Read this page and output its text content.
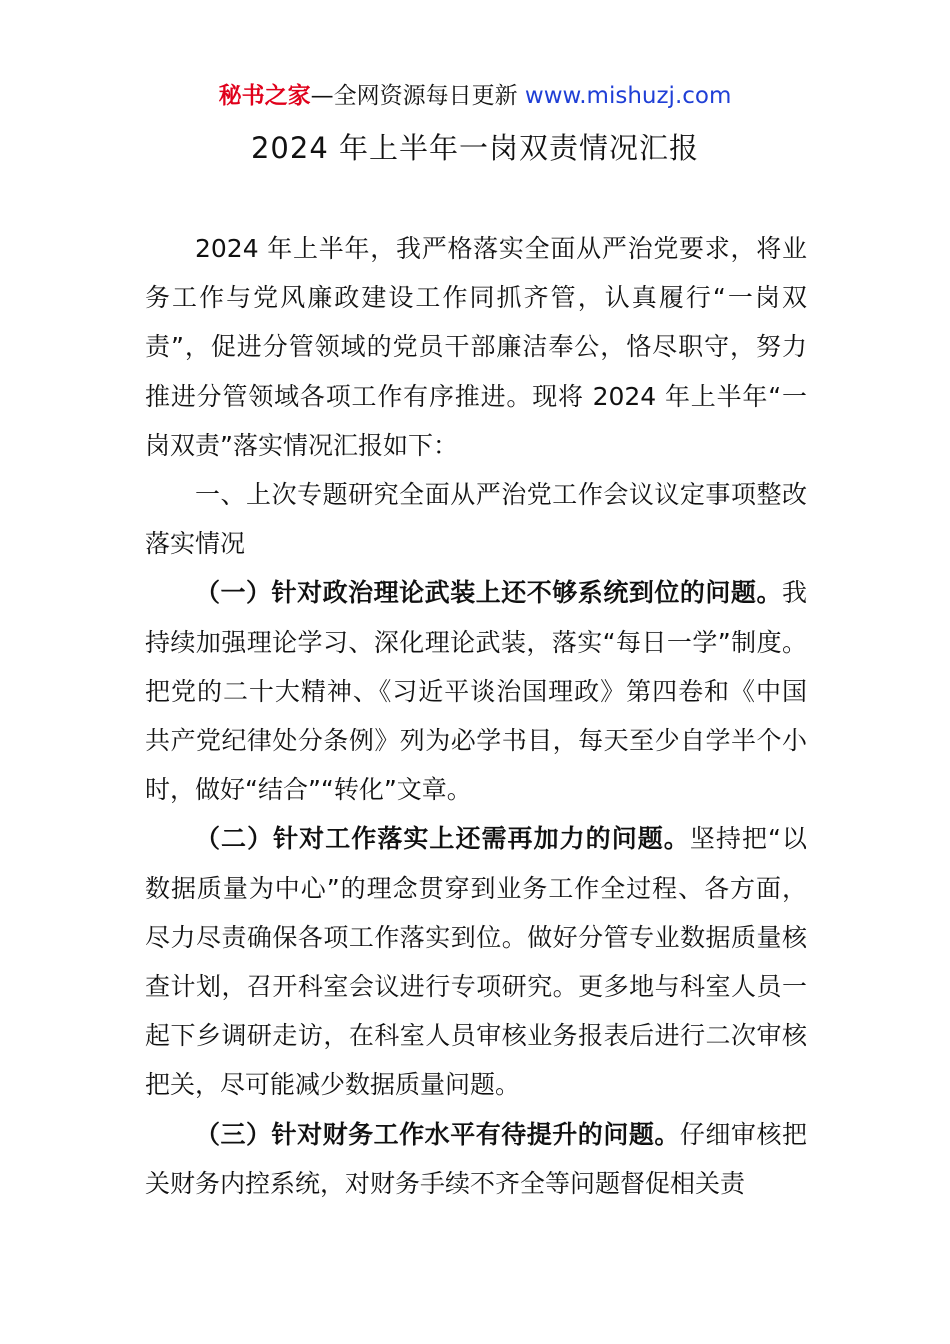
秘书之家—全网资源每日更新 www.mishuzj.com
2024 年上半年一岗双责情况汇报

2024 年上半年，我严格落实全面从严治党要求，将业务工作与党风廉政建设工作同抓齐管，认真履行“一岗双责”，促进分管领域的党员干部廉洁奉公，恪尽职守，努力推进分管领域各项工作有序推进。现将 2024 年上半年“一岗双责”落实情况汇报如下：

一、上次专题研究全面从严治党工作会议议定事项整改落实情况

（一）针对政治理论武装上还不够系统到位的问题。我持续加强理论学习、深化理论武装，落实“每日一学”制度。把党的二十大精神、《习近平谈治国理政》第四卷和《中国共产党纪律处分条例》列为必学书目，每天至少自学半个小时，做好“结合”“转化”文章。

（二）针对工作落实上还需再加力的问题。坚持把“以数据质量为中心”的理念贯穿到业务工作全过程、各方面，尽力尽责确保各项工作落实到位。做好分管专业数据质量核查计划，召开科室会议进行专项研究。更多地与科室人员一起下乡调研走访，在科室人员审核业务报表后进行二次审核把关，尽可能减少数据质量问题。

（三）针对财务工作水平有待提升的问题。仔细审核把关财务内控系统，对财务手续不齐全等问题督促相关责
